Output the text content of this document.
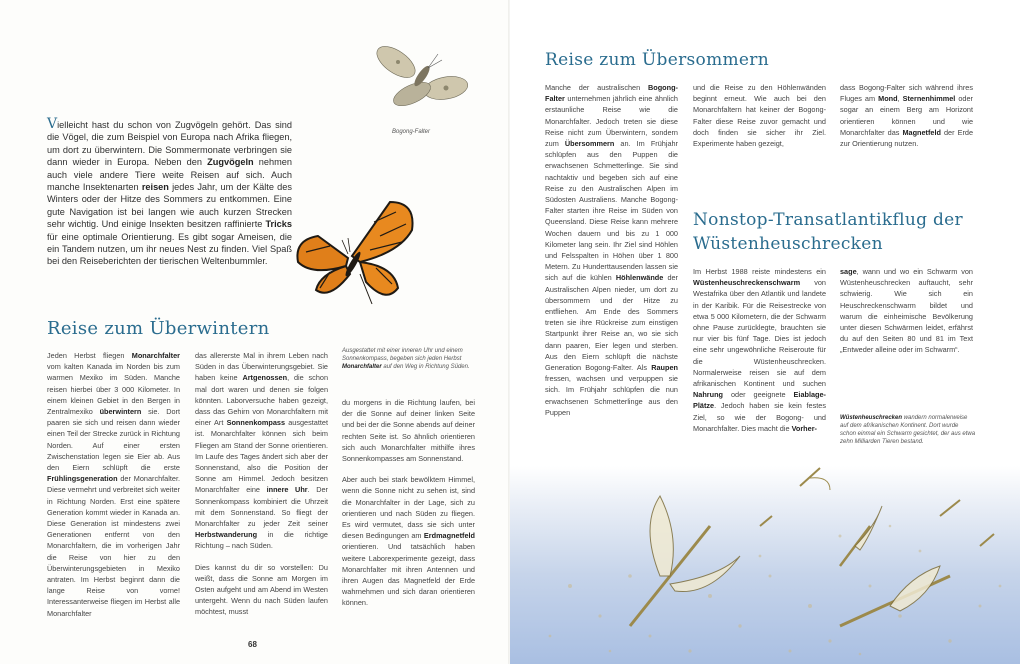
Vielleicht hast du schon von Zugvögeln gehört. Das sind die Vögel, die zum Beispiel von Europa nach Afrika fliegen, um dort zu überwintern. Die Sommermonate verbringen sie dann wieder in Europa. Neben den Zugvögeln nehmen auch viele andere Tiere weite Reisen auf sich. Auch manche Insektenarten reisen jedes Jahr, um der Kälte des Winters oder der Hitze des Sommers zu entkommen. Eine gute Navigation ist bei langen wie auch kurzen Strecken sehr wichtig. Und einige Insekten besitzen raffinierte Tricks für eine optimale Orientierung. Es gibt sogar Ameisen, die ein Tandem nutzen, um ihr neues Nest zu finden. Viel Spaß bei den Reiseberichten der tierischen Weltenbummler.
Bogong-Falter
Ausgestattet mit einer inneren Uhr und einem Sonnenkompass, begeben sich jeden Herbst Monarchfalter auf den Weg in Richtung Süden.
Reise zum Überwintern

Jeden Herbst fliegen Monarchfalter vom kalten Kanada im Norden bis zum warmen Mexiko im Süden. Manche reisen hierbei über 3 000 Kilometer. In einem kleinen Gebiet in den Bergen in Zentralmexiko überwintern sie. Dort paaren sie sich und reisen dann wieder einen Teil der Strecke zurück in Richtung Norden. Auf einer ersten Zwischenstation legen sie Eier ab. Aus den Eiern schlüpft die erste Frühlingsgeneration der Monarchfalter. Diese vermehrt und verbreitet sich weiter in Richtung Norden. Erst eine spätere Generation kommt wieder in Kanada an. Diese Generation ist mindestens zwei Generationen entfernt von den Monarchfaltern, die im vorherigen Jahr die Reise von hier zu den Überwinterungsgebieten in Mexiko antraten. Im Herbst beginnt dann die lange Reise von vorne! Interessanterweise fliegen im Herbst alle Monarchfalter

das allererste Mal in ihrem Leben nach Süden in das Überwinterungsgebiet. Sie haben keine Artgenossen, die schon mal dort waren und denen sie folgen könnten. Laborversuche haben gezeigt, dass das Gehirn von Monarchfaltern mit einer Art Sonnenkompass ausgestattet ist. Monarchfalter können sich beim Fliegen am Stand der Sonne orientieren. Im Laufe des Tages ändert sich aber der Sonnenstand, also die Position der Sonne am Himmel. Jedoch besitzen Monarchfalter eine innere Uhr. Der Sonnenkompass kombiniert die Uhrzeit mit dem Sonnenstand. So fliegt der Monarchfalter zu jeder Zeit seiner Herbstwanderung in die richtige Richtung – nach Süden.

Dies kannst du dir so vorstellen: Du weißt, dass die Sonne am Morgen im Osten aufgeht und am Abend im Westen untergeht. Wenn du nach Süden laufen möchtest, musst

du morgens in die Richtung laufen, bei der die Sonne auf deiner linken Seite und bei der die Sonne abends auf deiner rechten Seite ist. So ähnlich orientieren sich auch Monarchfalter mithilfe ihres Sonnenkompasses am Sonnenstand.

Aber auch bei stark bewölktem Himmel, wenn die Sonne nicht zu sehen ist, sind die Monarchfalter in der Lage, sich zu orientieren und nach Süden zu fliegen. Es wird vermutet, dass sie sich unter diesen Bedingungen am Erdmagnetfeld orientieren. Und tatsächlich haben weitere Laborexperimente gezeigt, dass Monarchfalter mit ihren Antennen und ihren Augen das Magnetfeld der Erde wahrnehmen und sich daran orientieren können.

68
Reise zum Übersommern

Manche der australischen Bogong-Falter unternehmen jährlich eine ähnlich erstaunliche Reise wie die Monarchfalter. Jedoch treten sie diese Reise nicht zum Überwintern, sondern zum Übersommern an. Im Frühjahr schlüpfen aus den Puppen die erwachsenen Schmetterlinge. Sie sind nachtaktiv und begeben sich auf eine Reise zu den Australischen Alpen im Südosten Australiens. Manche Bogong-Falter starten ihre Reise im Süden von Queensland. Diese Reise kann mehrere Wochen dauern und bis zu 1 000 Kilometer lang sein. Ihr Ziel sind Höhlen und Felsspalten in Höhen über 1 800 Metern. Zu Hunderttausenden lassen sie sich auf die kühlen Höhlenwände der Australischen Alpen nieder, um dort zu übersommern und der Hitze zu entfliehen. Am Ende des Sommers treten sie ihre Rückreise zum einstigen Startpunkt ihrer Reise an, wo sie sich dann paaren, Eier legen und sterben. Aus den Eiern schlüpft die nächste Generation Bogong-Falter. Als Raupen fressen, wachsen und verpuppen sie sich. Im Frühjahr schlüpfen die nun erwachsenen Schmetterlinge aus den Puppen

und die Reise zu den Höhlenwänden beginnt erneut. Wie auch bei den Monarchfaltern hat keiner der Bogong-Falter diese Reise zuvor gemacht und doch finden sie sicher ihr Ziel. Experimente haben gezeigt,

dass Bogong-Falter sich während ihres Fluges am Mond, Sternenhimmel oder sogar an einem Berg am Horizont orientieren können und wie Monarchfalter das Magnetfeld der Erde zur Orientierung nutzen.

Nonstop-Transatlantikflug der Wüstenheuschrecken

Im Herbst 1988 reiste mindestens ein Wüstenheuschreckenschwarm von Westafrika über den Atlantik und landete in der Karibik. Für die Reisestrecke von etwa 5 000 Kilometern, die der Schwarm ohne Pause zurücklegte, brauchten sie nur vier bis fünf Tage. Dies ist jedoch eine sehr ungewöhnliche Reiseroute für die Wüstenheuschrecken. Normalerweise reisen sie auf dem afrikanischen Kontinent und suchen Nahrung oder geeignete Eiablage-Plätze. Jedoch haben sie kein festes Ziel, so wie der Bogong- und Monarchfalter. Dies macht die Vorher-

sage, wann und wo ein Schwarm von Wüstenheuschrecken auftaucht, sehr schwierig. Wie sich ein Heuschreckenschwarm bildet und warum die einheimische Bevölkerung unter diesen Schwärmen leidet, erfährst du auf den Seiten 80 und 81 im Text „Entweder alleine oder im Schwarm“.

Wüstenheuschrecken wandern normalerweise auf dem afrikanischen Kontinent. Dort wurde schon einmal ein Schwarm gesichtet, der aus etwa zehn Milliarden Tieren bestand.
